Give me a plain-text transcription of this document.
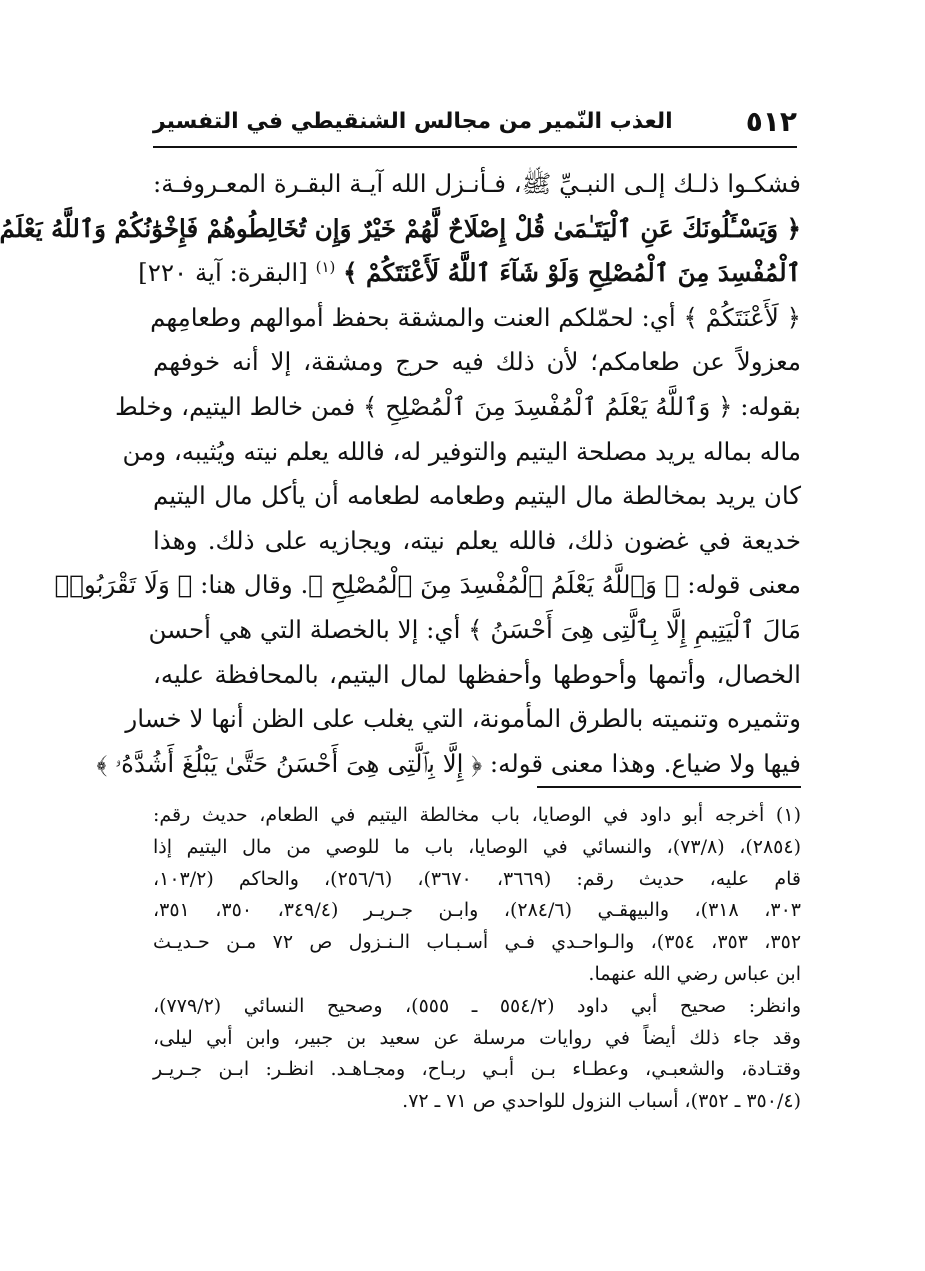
٥١٢
العذب النّمير من مجالس الشنقيطي في التفسير
فشكـوا ذلـك إلـى النبـيِّ ﷺ، فـأنـزل الله آيـة البقـرة المعـروفـة:
﴿ وَيَسْـَٔلُونَكَ عَنِ ٱلْيَتَـٰمَىٰ قُلْ إِصْلَاحٌ لَّهُمْ خَيْرٌ وَإِن تُخَالِطُوهُمْ فَإِخْوَٰنُكُمْ وَٱللَّهُ يَعْلَمُ
ٱلْمُفْسِدَ مِنَ ٱلْمُصْلِحِ وَلَوْ شَآءَ ٱللَّهُ لَأَعْنَتَكُمْ ﴾ $^{(١)}$ [البقرة: آية ٢٢٠]
﴿ لَأَعْنَتَكُمْ ﴾ أي: لحمّلكم العنت والمشقة بحفظ أموالهم وطعامِهم
معزولاً عن طعامكم؛ لأن ذلك فيه حرج ومشقة، إلا أنه خوفهم
بقوله: ﴿ وَٱللَّهُ يَعْلَمُ ٱلْمُفْسِدَ مِنَ ٱلْمُصْلِحِ ﴾ فمن خالط اليتيم، وخلط
ماله بماله يريد مصلحة اليتيم والتوفير له، فالله يعلم نيته ويُثيبه، ومن
كان يريد بمخالطة مال اليتيم وطعامه لطعامه أن يأكل مال اليتيم
خديعة في غضون ذلك، فالله يعلم نيته، ويجازيه على ذلك. وهذا
معنى قوله: ﴿ وَٱللَّهُ يَعْلَمُ ٱلْمُفْسِدَ مِنَ ٱلْمُصْلِحِ ﴾. وقال هنا: ﴿ وَلَا تَقْرَبُوا۟
مَالَ ٱلْيَتِيمِ إِلَّا بِٱلَّتِى هِىَ أَحْسَنُ ﴾ أي: إلا بالخصلة التي هي أحسن
الخصال، وأتمها وأحوطها وأحفظها لمال اليتيم، بالمحافظة عليه،
وتثميره وتنميته بالطرق المأمونة، التي يغلب على الظن أنها لا خسار
فيها ولا ضياع. وهذا معنى قوله: ﴿ إِلَّا بِٱلَّتِى هِىَ أَحْسَنُ حَتَّىٰ يَبْلُغَ أَشُدَّهُۥ ﴾
(١) أخرجه أبو داود في الوصايا، باب مخالطة اليتيم في الطعام، حديث رقم:
(٢٨٥٤)، (٧٣/٨)، والنسائي في الوصايا، باب ما للوصي من مال اليتيم إذا
قام عليه، حديث رقم: (٣٦٦٩، ٣٦٧٠)، (٢٥٦/٦)، والحاكم (١٠٣/٢،
٣٠٣، ٣١٨)، والبيهقـي (٢٨٤/٦)، وابـن جـريـر (٣٤٩/٤، ٣٥٠، ٣٥١،
٣٥٢، ٣٥٣، ٣٥٤)، والـواحـدي فـي أسـبـاب الـنـزول ص ٧٢ مـن حـديـث
ابن عباس رضي الله عنهما.
وانظر: صحيح أبي داود (٥٥٤/٢ ـ ٥٥٥)، وصحيح النسائي (٧٧٩/٢)،
وقد جاء ذلك أيضاً في روايات مرسلة عن سعيد بن جبير، وابن أبي ليلى،
وقتـادة، والشعبـي، وعطـاء بـن أبـي ربـاح، ومجـاهـد. انظـر: ابـن جـريـر
(٣٥٠/٤ ـ ٣٥٢)، أسباب النزول للواحدي ص ٧١ ـ ٧٢.
